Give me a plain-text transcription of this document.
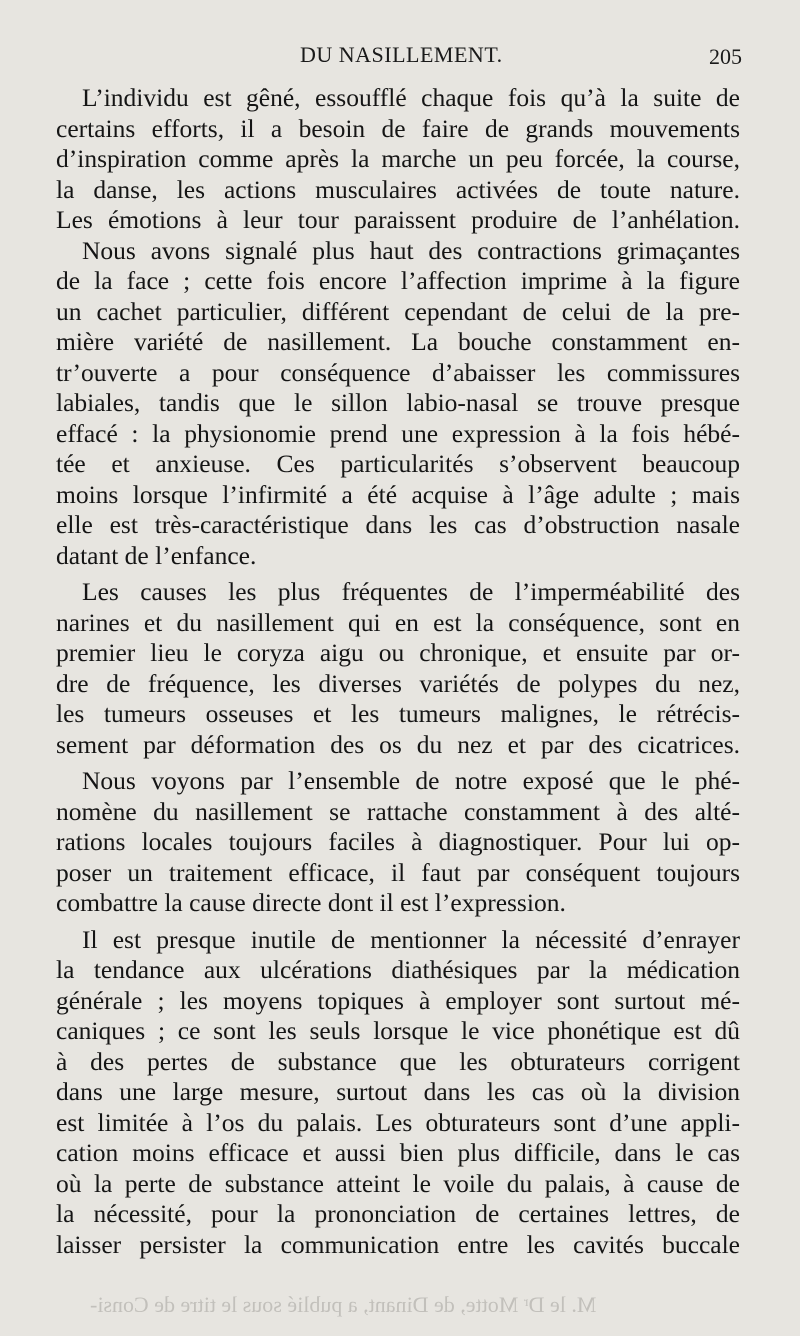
DU NASILLEMENT.	205
L’individu est gêné, essoufflé chaque fois qu’à la suite de
certains efforts, il a besoin de faire de grands mouvements
d’inspiration comme après la marche un peu forcée, la course,
la danse, les actions musculaires activées de toute nature.
Les émotions à leur tour paraissent produire de l’anhélation.
Nous avons signalé plus haut des contractions grimaçantes
de la face ; cette fois encore l’affection imprime à la figure
un cachet particulier, différent cependant de celui de la pre-
mière variété de nasillement. La bouche constamment en-
tr’ouverte a pour conséquence d’abaisser les commissures
labiales, tandis que le sillon labio-nasal se trouve presque
effacé : la physionomie prend une expression à la fois hébé-
tée et anxieuse. Ces particularités s’observent beaucoup
moins lorsque l’infirmité a été acquise à l’âge adulte ; mais
elle est très-caractéristique dans les cas d’obstruction nasale
datant de l’enfance.
Les causes les plus fréquentes de l’imperméabilité des
narines et du nasillement qui en est la conséquence, sont en
premier lieu le coryza aigu ou chronique, et ensuite par or-
dre de fréquence, les diverses variétés de polypes du nez,
les tumeurs osseuses et les tumeurs malignes, le rétrécis-
sement par déformation des os du nez et par des cicatrices.
Nous voyons par l’ensemble de notre exposé que le phé-
nomène du nasillement se rattache constamment à des alté-
rations locales toujours faciles à diagnostiquer. Pour lui op-
poser un traitement efficace, il faut par conséquent toujours
combattre la cause directe dont il est l’expression.
Il est presque inutile de mentionner la nécessité d’enrayer
la tendance aux ulcérations diathésiques par la médication
générale ; les moyens topiques à employer sont surtout mé-
caniques ; ce sont les seuls lorsque le vice phonétique est dû
à des pertes de substance que les obturateurs corrigent
dans une large mesure, surtout dans les cas où la division
est limitée à l’os du palais. Les obturateurs sont d’une appli-
cation moins efficace et aussi bien plus difficile, dans le cas
où la perte de substance atteint le voile du palais, à cause de
la nécessité, pour la prononciation de certaines lettres, de
laisser persister la communication entre les cavités buccale
M. le Dʳ Motte, de Dinant, a publié sous le titre de Consi-
